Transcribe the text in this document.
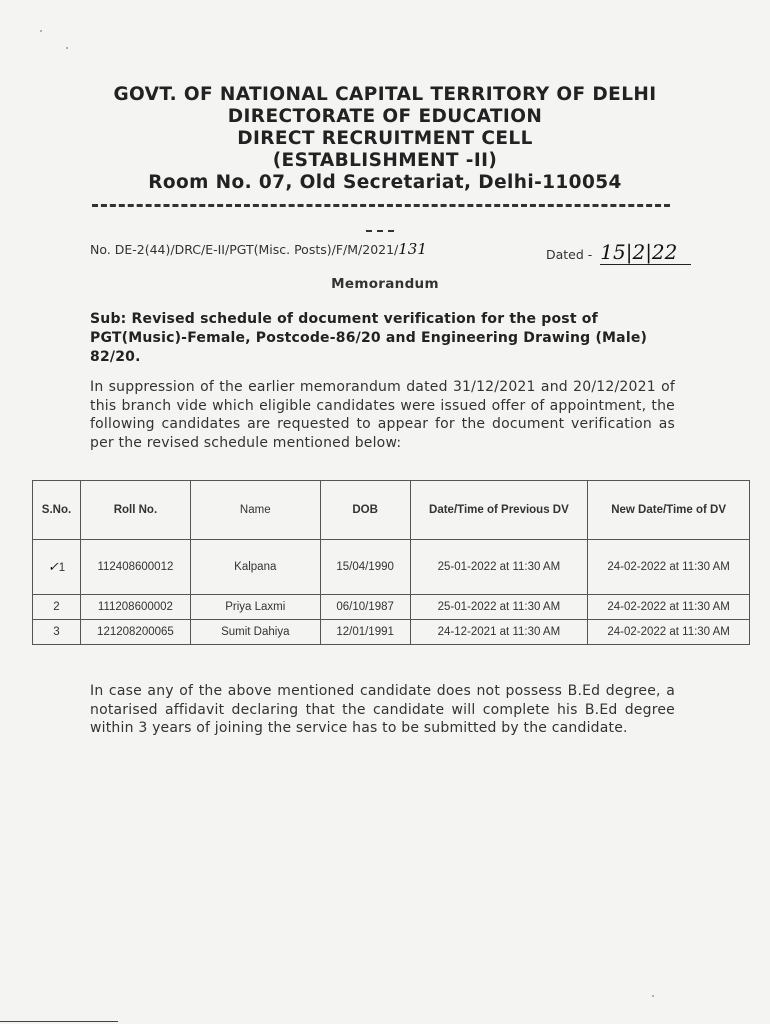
GOVT. OF NATIONAL CAPITAL TERRITORY OF DELHI
DIRECTORATE OF EDUCATION
DIRECT RECRUITMENT CELL
(ESTABLISHMENT -II)
Room No. 07, Old Secretariat, Delhi-110054
No. DE-2(44)/DRC/E-II/PGT(Misc. Posts)/F/M/2021/131	Dated - 15|2|22
Memorandum
Sub: Revised schedule of document verification for the post of PGT(Music)-Female, Postcode-86/20 and Engineering Drawing (Male) 82/20.
In suppression of the earlier memorandum dated 31/12/2021 and 20/12/2021 of this branch vide which eligible candidates were issued offer of appointment, the following candidates are requested to appear for the document verification as per the revised schedule mentioned below:
S.No.	Roll No.	Name	DOB	Date/Time of Previous DV	New Date/Time of DV
✓1	112408600012	Kalpana	15/04/1990	25-01-2022 at 11:30 AM	24-02-2022 at 11:30 AM
2	111208600002	Priya Laxmi	06/10/1987	25-01-2022 at 11:30 AM	24-02-2022 at 11:30 AM
3	121208200065	Sumit Dahiya	12/01/1991	24-12-2021 at 11:30 AM	24-02-2022 at 11:30 AM
In case any of the above mentioned candidate does not possess B.Ed degree, a notarised affidavit declaring that the candidate will complete his B.Ed degree within 3 years of joining the service has to be submitted by the candidate.
